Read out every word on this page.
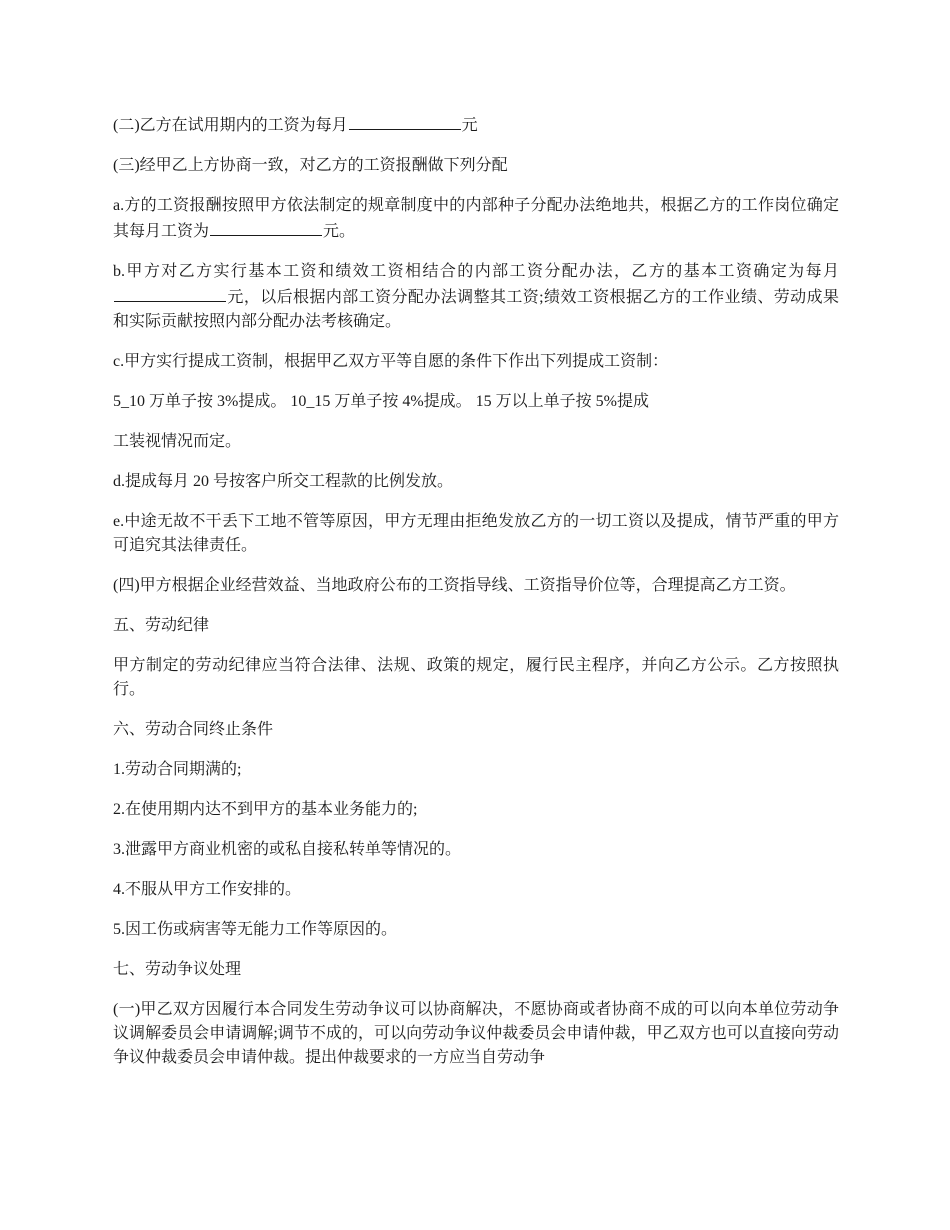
(二)乙方在试用期内的工资为每月	元

(三)经甲乙上方协商一致，对乙方的工资报酬做下列分配

a.方的工资报酬按照甲方依法制定的规章制度中的内部种子分配办法绝地共，根据乙方的工作岗位确定其每月工资为	元。

b.甲方对乙方实行基本工资和绩效工资相结合的内部工资分配办法，乙方的基本工资确定为每月元，以后根据内部工资分配办法调整其工资;绩效工资根据乙方的工作业绩、劳动成果和实际贡献按照内部分配办法考核确定。

c.甲方实行提成工资制，根据甲乙双方平等自愿的条件下作出下列提成工资制：

5_10 万单子按 3%提成。 10_15 万单子按 4%提成。 15 万以上单子按 5%提成

工装视情况而定。

d.提成每月 20 号按客户所交工程款的比例发放。

e.中途无故不干丢下工地不管等原因，甲方无理由拒绝发放乙方的一切工资以及提成，情节严重的甲方可追究其法律责任。

(四)甲方根据企业经营效益、当地政府公布的工资指导线、工资指导价位等，合理提高乙方工资。

五、劳动纪律

甲方制定的劳动纪律应当符合法律、法规、政策的规定，履行民主程序，并向乙方公示。乙方按照执行。

六、劳动合同终止条件

1.劳动合同期满的;

2.在使用期内达不到甲方的基本业务能力的;

3.泄露甲方商业机密的或私自接私转单等情况的。

4.不服从甲方工作安排的。

5.因工伤或病害等无能力工作等原因的。

七、劳动争议处理

(一)甲乙双方因履行本合同发生劳动争议可以协商解决，不愿协商或者协商不成的可以向本单位劳动争议调解委员会申请调解;调节不成的，可以向劳动争议仲裁委员会申请仲裁，甲乙双方也可以直接向劳动争议仲裁委员会申请仲裁。提出仲裁要求的一方应当自劳动争
